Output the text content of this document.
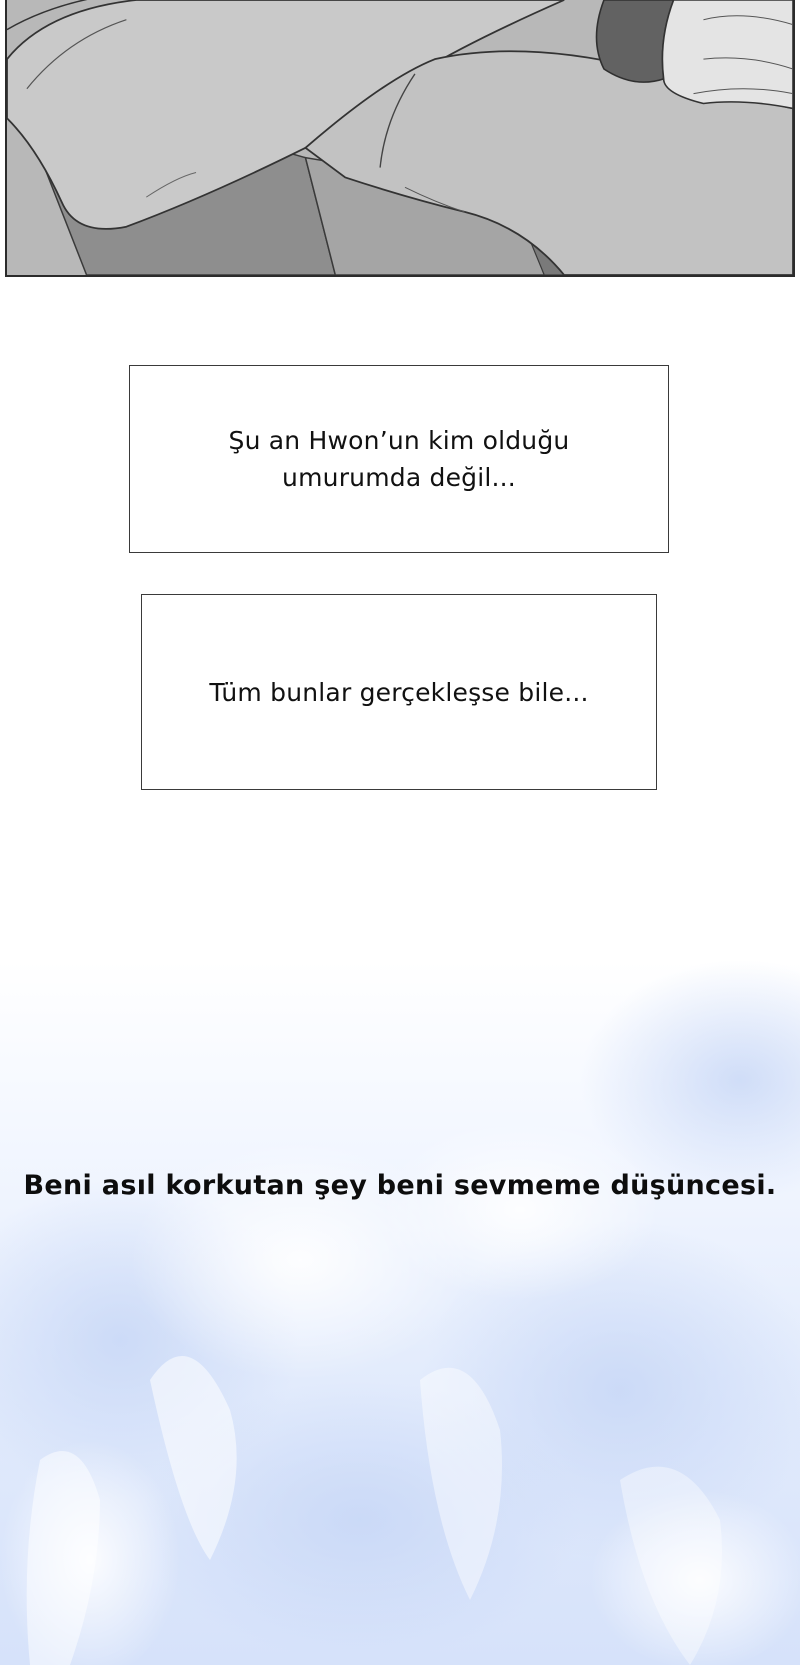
Şu an Hwon’un kim olduğu umurumda değil...
Tüm bunlar gerçekleşse bile...
Beni asıl korkutan şey beni sevmeme düşüncesi.
